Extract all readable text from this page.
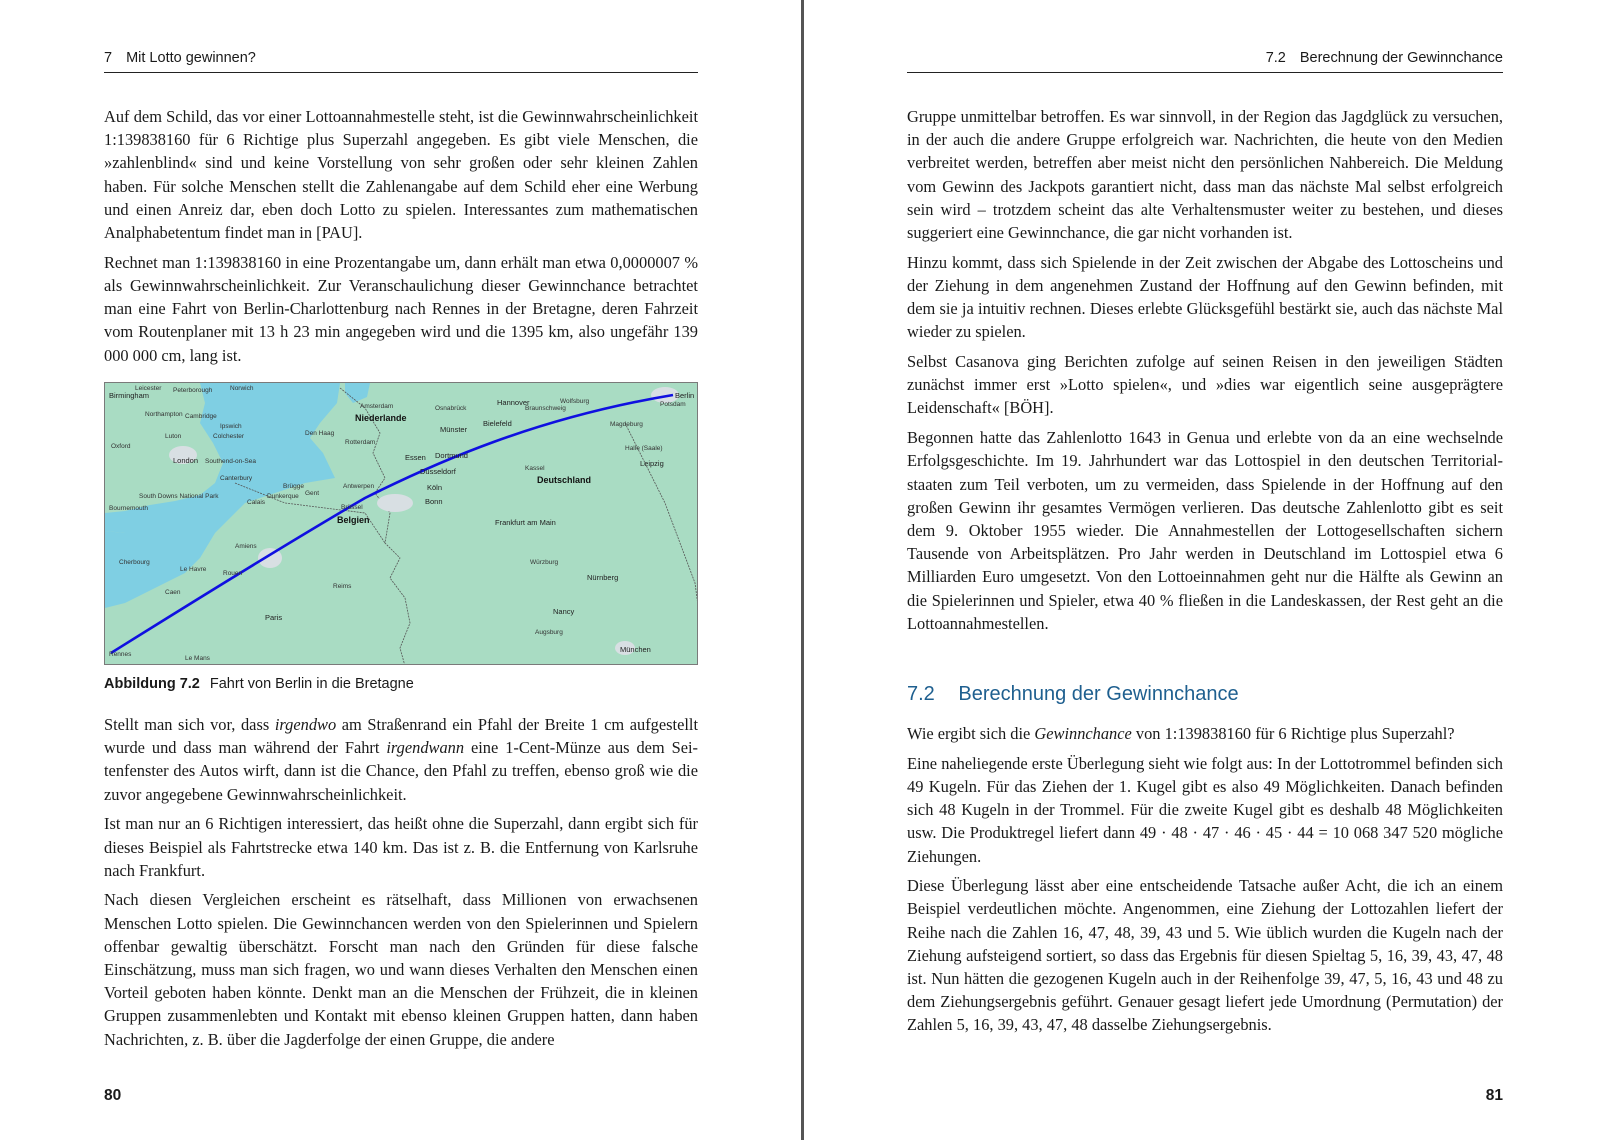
7 Mit Lotto gewinnen?

Auf dem Schild, das vor einer Lottoannahmestelle steht, ist die Gewinnwahrscheinlichkeit 1:139838160 für 6 Richtige plus Superzahl angegeben. Es gibt viele Menschen, die »zahlenblind« sind und keine Vorstellung von sehr großen oder sehr kleinen Zahlen haben. Für solche Menschen stellt die Zahlenangabe auf dem Schild eher eine Werbung und einen Anreiz dar, eben doch Lotto zu spielen. Interessantes zum mathematischen Analphabetentum findet man in [PAU].

Rechnet man 1:139838160 in eine Prozentangabe um, dann erhält man etwa 0,0000007 % als Gewinnwahrscheinlichkeit. Zur Veranschaulichung dieser Gewinnchance betrachtet man eine Fahrt von Berlin-Charlottenburg nach Rennes in der Bretagne, deren Fahrzeit vom Routenplaner mit 13 h 23 min angegeben wird und die 1395 km, also ungefähr 139 000 000 cm, lang ist.

Birmingham
Leicester Peterborough	Norwich
Northampton Cambridge
Ipswich
Luton	Colchester
Oxford
London Southend-on-Sea
Canterbury
Bournemouth
South Downs National Park
Den Haag
Amsterdam
Rotterdam
Niederlande
Antwerpen
Gent
Brügge
Brüssel
Dunkerque
Calais
Belgien
Osnabrück
Hannover	Wolfsburg
Braunschweig
Bielefeld
Münster
Essen Dortmund
Düsseldorf	Kassel
Köln
Bonn
Deutschland
Magdeburg
Berlin
Potsdam
Halle (Saale)
Leipzig
Amiens
Rouen
Le Havre
Cherbourg
Caen
Reims
Paris
Rennes
Le Mans
Frankfurt am Main
Würzburg
Nürnberg
Augsburg
München
Nancy
Abbildung 7.2 Fahrt von Berlin in die Bretagne

Stellt man sich vor, dass irgendwo am Straßenrand ein Pfahl der Breite 1 cm aufgestellt wurde und dass man während der Fahrt irgendwann eine 1-Cent-Münze aus dem Seitenfenster des Autos wirft, dann ist die Chance, den Pfahl zu treffen, ebenso groß wie die zuvor angegebene Gewinnwahrscheinlichkeit.

Ist man nur an 6 Richtigen interessiert, das heißt ohne die Superzahl, dann ergibt sich für dieses Beispiel als Fahrtstrecke etwa 140 km. Das ist z. B. die Entfernung von Karlsruhe nach Frankfurt.

Nach diesen Vergleichen erscheint es rätselhaft, dass Millionen von erwachsenen Menschen Lotto spielen. Die Gewinnchancen werden von den Spielerinnen und Spielern offenbar gewaltig überschätzt. Forscht man nach den Gründen für diese falsche Einschätzung, muss man sich fragen, wo und wann dieses Verhalten den Menschen einen Vorteil geboten haben könnte. Denkt man an die Menschen der Frühzeit, die in kleinen Gruppen zusammenlebten und Kontakt mit ebenso kleinen Gruppen hatten, dann haben Nachrichten, z. B. über die Jagderfolge der einen Gruppe, die andere

80
7.2 Berechnung der Gewinnchance

Gruppe unmittelbar betroffen. Es war sinnvoll, in der Region das Jagdglück zu versuchen, in der auch die andere Gruppe erfolgreich war. Nachrichten, die heute von den Medien verbreitet werden, betreffen aber meist nicht den persönlichen Nahbereich. Die Meldung vom Gewinn des Jackpots garantiert nicht, dass man das nächste Mal selbst erfolgreich sein wird – trotzdem scheint das alte Verhaltensmuster weiter zu bestehen, und dieses suggeriert eine Gewinnchance, die gar nicht vorhanden ist.

Hinzu kommt, dass sich Spielende in der Zeit zwischen der Abgabe des Lottoscheins und der Ziehung in dem angenehmen Zustand der Hoffnung auf den Gewinn befinden, mit dem sie ja intuitiv rechnen. Dieses erlebte Glücksgefühl bestärkt sie, auch das nächste Mal wieder zu spielen.

Selbst Casanova ging Berichten zufolge auf seinen Reisen in den jeweiligen Städten zunächst immer erst »Lotto spielen«, und »dies war eigentlich seine ausgeprägtere Leidenschaft« [BÖH].

Begonnen hatte das Zahlenlotto 1643 in Genua und erlebte von da an eine wechselnde Erfolgsgeschichte. Im 19. Jahrhundert war das Lottospiel in den deutschen Territorialstaaten zum Teil verboten, um zu vermeiden, dass Spielende in der Hoffnung auf den großen Gewinn ihr gesamtes Vermögen verlieren. Das deutsche Zahlenlotto gibt es seit dem 9. Oktober 1955 wieder. Die Annahmestellen der Lottogesellschaften sichern Tausende von Arbeitsplätzen. Pro Jahr werden in Deutschland im Lottospiel etwa 6 Milliarden Euro umgesetzt. Von den Lottoeinnahmen geht nur die Hälfte als Gewinn an die Spielerinnen und Spieler, etwa 40 % fließen in die Landeskassen, der Rest geht an die Lottoannahmestellen.

7.2 Berechnung der Gewinnchance

Wie ergibt sich die Gewinnchance von 1:139838160 für 6 Richtige plus Superzahl?

Eine naheliegende erste Überlegung sieht wie folgt aus: In der Lottotrommel befinden sich 49 Kugeln. Für das Ziehen der 1. Kugel gibt es also 49 Möglichkeiten. Danach befinden sich 48 Kugeln in der Trommel. Für die zweite Kugel gibt es deshalb 48 Möglichkeiten usw. Die Produktregel liefert dann 49 · 48 · 47 · 46 · 45 · 44 = 10 068 347 520 mögliche Ziehungen.

Diese Überlegung lässt aber eine entscheidende Tatsache außer Acht, die ich an einem Beispiel verdeutlichen möchte. Angenommen, eine Ziehung der Lottozahlen liefert der Reihe nach die Zahlen 16, 47, 48, 39, 43 und 5. Wie üblich wurden die Kugeln nach der Ziehung aufsteigend sortiert, so dass das Ergebnis für diesen Spieltag 5, 16, 39, 43, 47, 48 ist. Nun hätten die gezogenen Kugeln auch in der Reihenfolge 39, 47, 5, 16, 43 und 48 zu dem Ziehungsergebnis geführt. Genauer gesagt liefert jede Umordnung (Permutation) der Zahlen 5, 16, 39, 43, 47, 48 dasselbe Ziehungsergebnis.

81
